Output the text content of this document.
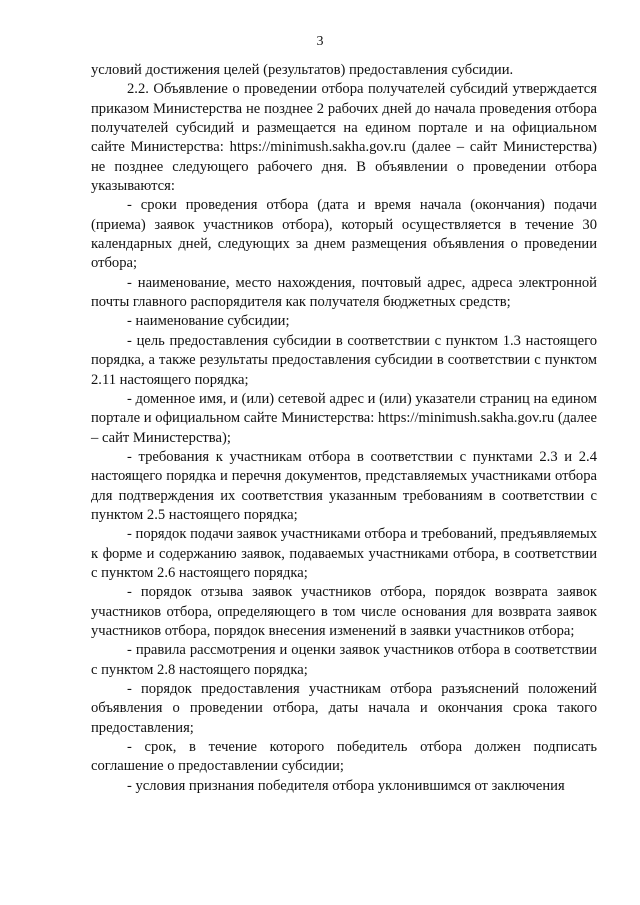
3

условий достижения целей (результатов) предоставления субсидии.

2.2. Объявление о проведении отбора получателей субсидий утверждается приказом Министерства не позднее 2 рабочих дней до начала проведения отбора получателей субсидий и размещается на едином портале и на официальном сайте Министерства: https://minimush.sakha.gov.ru (далее – сайт Министерства) не позднее следующего рабочего дня. В объявлении о проведении отбора указываются:

- сроки проведения отбора (дата и время начала (окончания) подачи (приема) заявок участников отбора), который осуществляется в течение 30 календарных дней, следующих за днем размещения объявления о проведении отбора;

- наименование, место нахождения, почтовый адрес, адреса электронной почты главного распорядителя как получателя бюджетных средств;

- наименование субсидии;

- цель предоставления субсидии в соответствии с пунктом 1.3 настоящего порядка, а также результаты предоставления субсидии в соответствии с пунктом 2.11 настоящего порядка;

- доменное имя, и (или) сетевой адрес и (или) указатели страниц на едином портале и официальном сайте Министерства: https://minimush.sakha.gov.ru (далее – сайт Министерства);

- требования к участникам отбора в соответствии с пунктами 2.3 и 2.4 настоящего порядка и перечня документов, представляемых участниками отбора для подтверждения их соответствия указанным требованиям в соответствии с пунктом 2.5 настоящего порядка;

- порядок подачи заявок участниками отбора и требований, предъявляемых к форме и содержанию заявок, подаваемых участниками отбора, в соответствии с пунктом 2.6 настоящего порядка;

- порядок отзыва заявок участников отбора, порядок возврата заявок участников отбора, определяющего в том числе основания для возврата заявок участников отбора, порядок внесения изменений в заявки участников отбора;

- правила рассмотрения и оценки заявок участников отбора в соответствии с пунктом 2.8 настоящего порядка;

- порядок предоставления участникам отбора разъяснений положений объявления о проведении отбора, даты начала и окончания срока такого предоставления;

- срок, в течение которого победитель отбора должен подписать соглашение о предоставлении субсидии;

- условия признания победителя отбора уклонившимся от заключения
